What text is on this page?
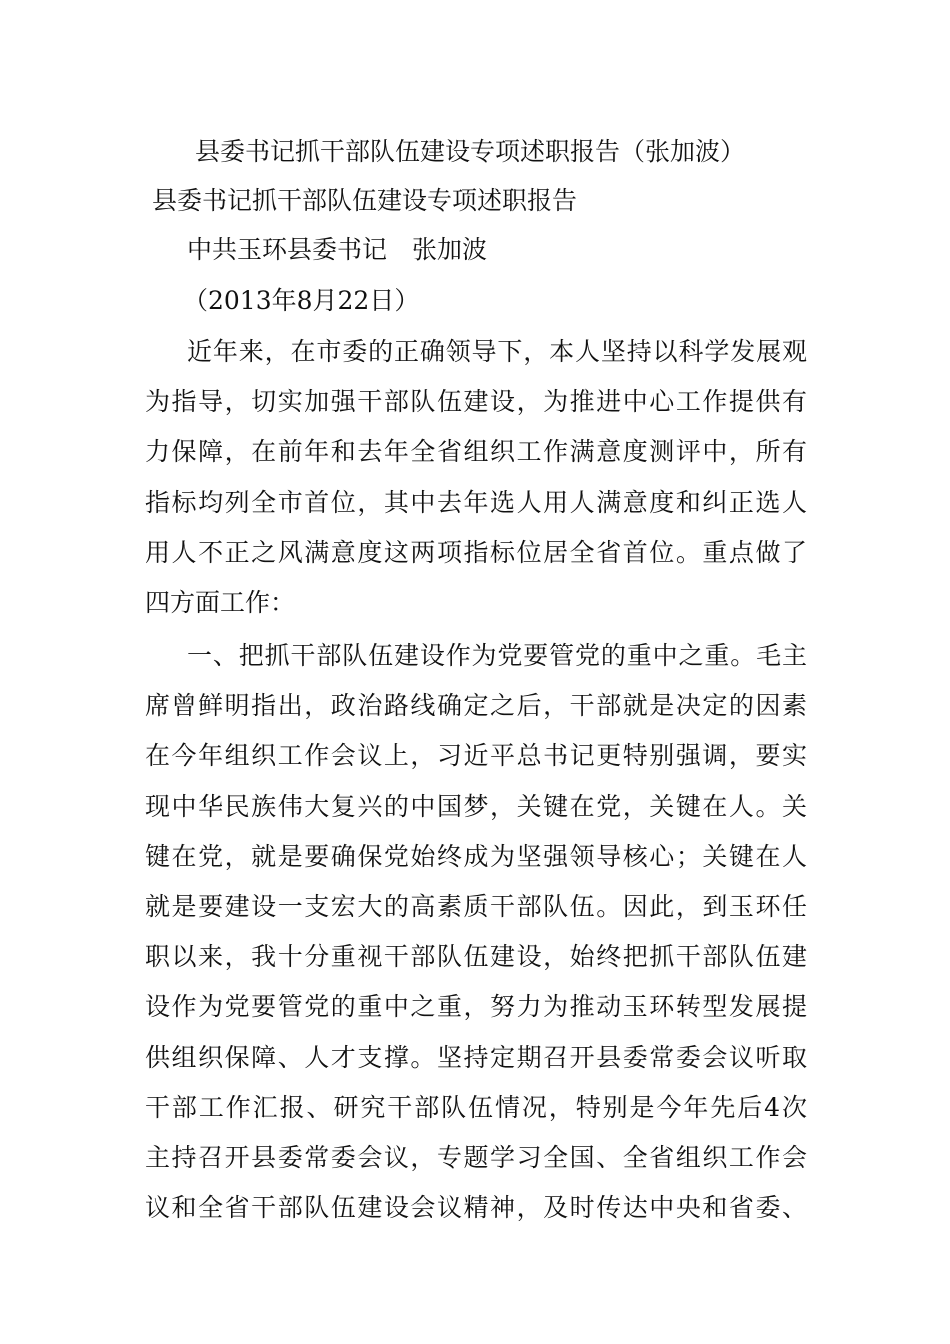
县委书记抓干部队伍建设专项述职报告（张加波）
县委书记抓干部队伍建设专项述职报告
中共玉环县委书记　张加波
（2013年8月22日）
近年来，在市委的正确领导下，本人坚持以科学发展观
为指导，切实加强干部队伍建设，为推进中心工作提供有
力保障，在前年和去年全省组织工作满意度测评中，所有
指标均列全市首位，其中去年选人用人满意度和纠正选人
用人不正之风满意度这两项指标位居全省首位。重点做了
四方面工作：
一、把抓干部队伍建设作为党要管党的重中之重。毛主
席曾鲜明指出，政治路线确定之后，干部就是决定的因素
在今年组织工作会议上，习近平总书记更特别强调，要实
现中华民族伟大复兴的中国梦，关键在党，关键在人。关
键在党，就是要确保党始终成为坚强领导核心；关键在人
就是要建设一支宏大的高素质干部队伍。因此，到玉环任
职以来，我十分重视干部队伍建设，始终把抓干部队伍建
设作为党要管党的重中之重，努力为推动玉环转型发展提
供组织保障、人才支撑。坚持定期召开县委常委会议听取
干部工作汇报、研究干部队伍情况，特别是今年先后4次
主持召开县委常委会议，专题学习全国、全省组织工作会
议和全省干部队伍建设会议精神，及时传达中央和省委、
